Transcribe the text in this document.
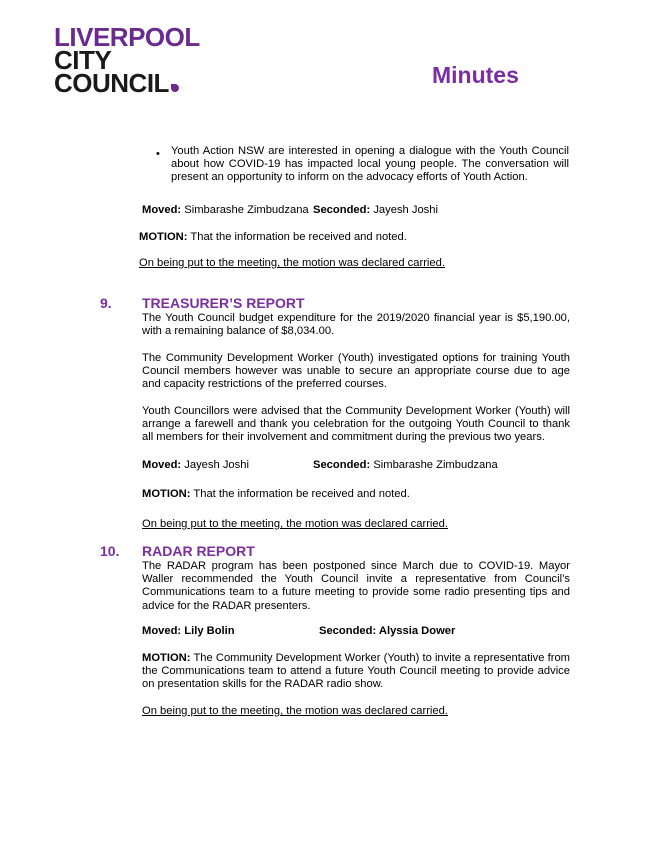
LIVERPOOL
CITY
COUNCIL	Minutes
• Youth Action NSW are interested in opening a dialogue with the Youth Council about how COVID-19 has impacted local young people. The conversation will present an opportunity to inform on the advocacy efforts of Youth Action.
Moved: Simbarashe Zimbudzana Seconded: Jayesh Joshi
MOTION: That the information be received and noted.
On being put to the meeting, the motion was declared carried.
9. TREASURER’S REPORT
The Youth Council budget expenditure for the 2019/2020 financial year is $5,190.00, with a remaining balance of $8,034.00.
The Community Development Worker (Youth) investigated options for training Youth Council members however was unable to secure an appropriate course due to age and capacity restrictions of the preferred courses.
Youth Councillors were advised that the Community Development Worker (Youth) will arrange a farewell and thank you celebration for the outgoing Youth Council to thank all members for their involvement and commitment during the previous two years.
Moved: Jayesh Joshi	Seconded: Simbarashe Zimbudzana
MOTION: That the information be received and noted.
On being put to the meeting, the motion was declared carried.
10. RADAR REPORT
The RADAR program has been postponed since March due to COVID-19. Mayor Waller recommended the Youth Council invite a representative from Council’s Communications team to a future meeting to provide some radio presenting tips and advice for the RADAR presenters.
Moved: Lily Bolin	Seconded: Alyssia Dower
MOTION: The Community Development Worker (Youth) to invite a representative from the Communications team to attend a future Youth Council meeting to provide advice on presentation skills for the RADAR radio show.
On being put to the meeting, the motion was declared carried.
